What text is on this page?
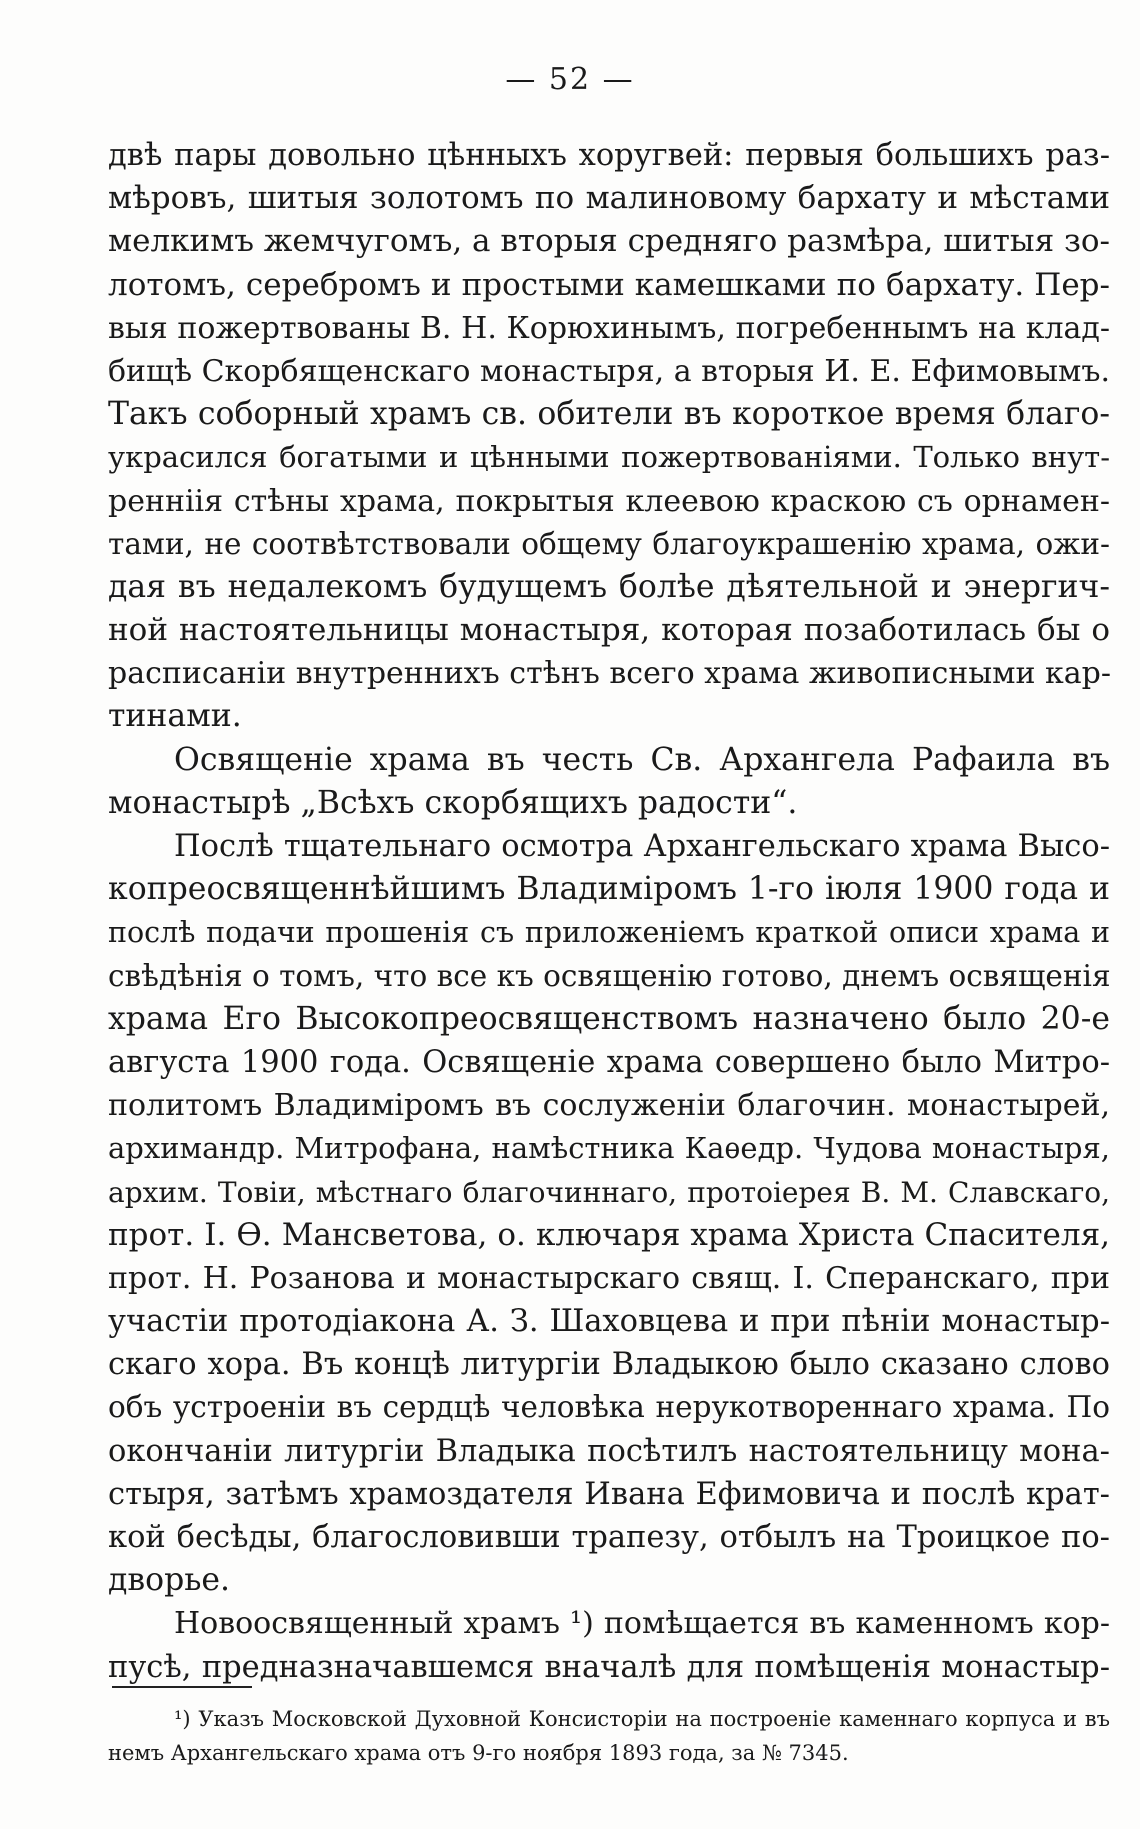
— 52 —
двѣ пары довольно цѣнныхъ хоругвей: первыя большихъ раз-
мѣровъ, шитыя золотомъ по малиновому бархату и мѣстами
мелкимъ жемчугомъ, а вторыя средняго размѣра, шитыя зо-
лотомъ, серебромъ и простыми камешками по бархату. Пер-
выя пожертвованы В. Н. Корюхинымъ, погребеннымъ на клад-
бищѣ Скорбященскаго монастыря, а вторыя И. Е. Ефимовымъ.
Такъ соборный храмъ св. обители въ короткое время благо-
украсился богатыми и цѣнными пожертвованiями. Только внут-
ренніія стѣны храма, покрытыя клеевою краскою съ орнамен-
тами, не соотвѣтствовали общему благоукрашенію храма, ожи-
дая въ недалекомъ будущемъ болѣе дѣятельной и энергич-
ной настоятельницы монастыря, которая позаботилась бы о
расписаніи внутреннихъ стѣнъ всего храма живописными кар-
тинами.
Освященіе храма въ честь Св. Архангела Рафаила въ
монастырѣ „Всѣхъ скорбящихъ радости“.
Послѣ тщательнаго осмотра Архангельскаго храма Высо-
копреосвященнѣйшимъ Владиміромъ 1-го іюля 1900 года и
послѣ подачи прошенія съ приложеніемъ краткой описи храма и
свѣдѣнія о томъ, что все къ освященію готово, днемъ освященія
храма Его Высокопреосвященствомъ назначено было 20-е
августа 1900 года. Освященіе храма совершено было Митро-
политомъ Владиміромъ въ сослуженіи благочин. монастырей,
архимандр. Митрофана, намѣстника Каѳедр. Чудова монастыря,
архим. Товіи, мѣстнаго благочиннаго, протоіерея В. М. Славскаго,
прот. І. Ѳ. Мансветова, о. ключаря храма Христа Спасителя,
прот. Н. Розанова и монастырскаго свящ. І. Сперанскаго, при
участіи протодіакона А. З. Шаховцева и при пѣніи монастыр-
скаго хора. Въ концѣ литургіи Владыкою было сказано слово
объ устроеніи въ сердцѣ человѣка нерукотвореннаго храма. По
окончаніи литургіи Владыка посѣтилъ настоятельницу мона-
стыря, затѣмъ храмоздателя Ивана Ефимовича и послѣ крат-
кой бесѣды, благословивши трапезу, отбылъ на Троицкое по-
дворье.
Новоосвященный храмъ ¹) помѣщается въ каменномъ кор-
пусѣ, предназначавшемся вначалѣ для помѣщенія монастыр-
¹) Указъ Московской Духовной Консисторіи на построеніе каменнаго корпуса и въ
немъ Архангельскаго храма отъ 9-го ноября 1893 года, за № 7345.
